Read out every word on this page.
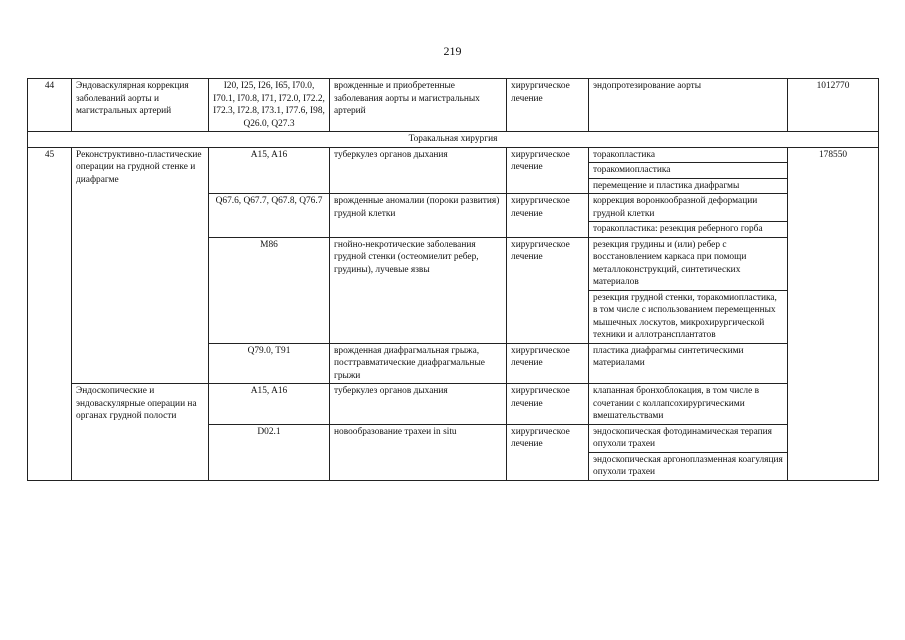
219
44	Эндоваскулярная коррекция заболеваний аорты и магистральных артерий	I20, I25, I26, I65, I70.0, I70.1, I70.8, I71, I72.0, I72.2, I72.3, I72.8, I73.1, I77.6, I98, Q26.0, Q27.3	врожденные и приобретенные заболевания аорты и магистральных артерий	хирургическое лечение	эндопротезирование аорты	1012770
Торакальная хирургия						
45	Реконструктивно-пластические операции на грудной стенке и диафрагме	A15, A16	туберкулез органов дыхания	хирургическое лечение	торакопластика	178550
					торакомиопластика	
					перемещение и пластика диафрагмы	
		Q67.6, Q67.7, Q67.8, Q76.7	врожденные аномалии (пороки развития) грудной клетки	хирургическое лечение	коррекция воронкообразной деформации грудной клетки	
					торакопластика: резекция реберного горба	
		M86	гнойно-некротические заболевания грудной стенки (остеомиелит ребер, грудины), лучевые язвы	хирургическое лечение	резекция грудины и (или) ребер с восстановлением каркаса при помощи металлоконструкций, синтетических материалов	
					резекция грудной стенки, торакомиопластика, в том числе с использованием перемещенных мышечных лоскутов, микрохирургической техники и аллотрансплантатов	
		Q79.0, T91	врожденная диафрагмальная грыжа, посттравматические диафрагмальные грыжи	хирургическое лечение	пластика диафрагмы синтетическими материалами	

	Эндоскопические и эндоваскулярные операции на органах грудной полости	A15, A16	туберкулез органов дыхания	хирургическое лечение	клапанная бронхоблокация, в том числе в сочетании с коллапсохирургическими вмешательствами	

		D02.1	новообразование трахеи in situ	хирургическое лечение	эндоскопическая фотодинамическая терапия опухоли трахеи	

					эндоскопическая аргоноплазменная коагуляция опухоли трахеи	
